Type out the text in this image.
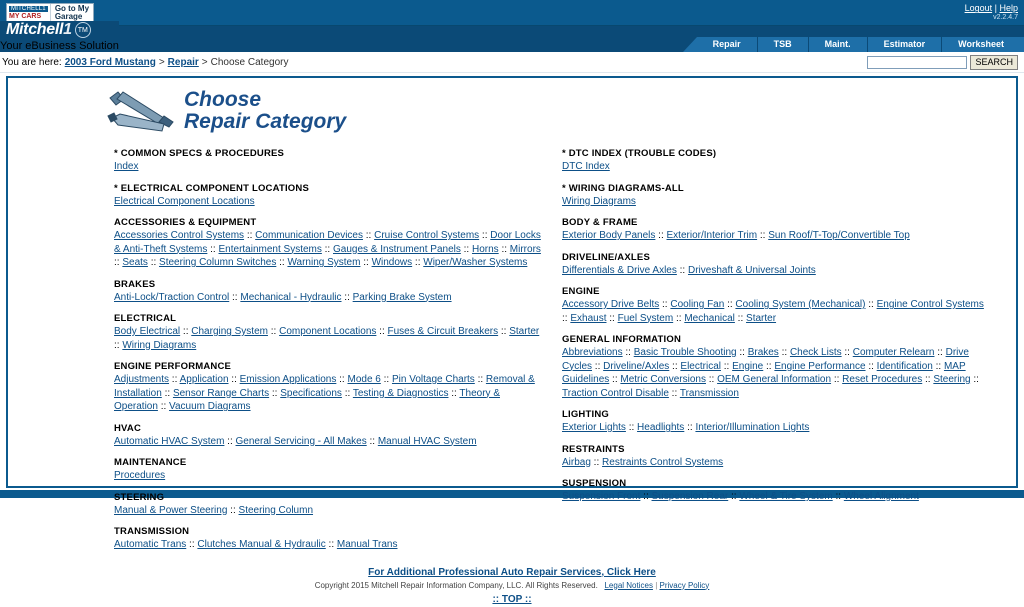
MITCHELL1
MY CARS
Go to My
Garage
Logout | Help
v2.2.4.7
Mitchell1 TM
Your eBusiness Solution	Repair	TSB	Maint.	Estimator	Worksheet
You are here: 2003 Ford Mustang > Repair > Choose Category	SEARCH
Choose
Repair Category
* COMMON SPECS & PROCEDURES
Index
* ELECTRICAL COMPONENT LOCATIONS
Electrical Component Locations
ACCESSORIES & EQUIPMENT
Accessories Control Systems :: Communication Devices :: Cruise Control Systems :: Door Locks & Anti-Theft Systems :: Entertainment Systems :: Gauges & Instrument Panels :: Horns :: Mirrors :: Seats :: Steering Column Switches :: Warning System :: Windows :: Wiper/Washer Systems
BRAKES
Anti-Lock/Traction Control :: Mechanical - Hydraulic :: Parking Brake System
ELECTRICAL
Body Electrical :: Charging System :: Component Locations :: Fuses & Circuit Breakers :: Starter :: Wiring Diagrams
ENGINE PERFORMANCE
Adjustments :: Application :: Emission Applications :: Mode 6 :: Pin Voltage Charts :: Removal & Installation :: Sensor Range Charts :: Specifications :: Testing & Diagnostics :: Theory & Operation :: Vacuum Diagrams
HVAC
Automatic HVAC System :: General Servicing - All Makes :: Manual HVAC System
MAINTENANCE
Procedures
STEERING
Manual & Power Steering :: Steering Column
TRANSMISSION
Automatic Trans :: Clutches Manual & Hydraulic :: Manual Trans
* DTC INDEX (TROUBLE CODES)
DTC Index
* WIRING DIAGRAMS-ALL
Wiring Diagrams
BODY & FRAME
Exterior Body Panels :: Exterior/Interior Trim :: Sun Roof/T-Top/Convertible Top
DRIVELINE/AXLES
Differentials & Drive Axles :: Driveshaft & Universal Joints
ENGINE
Accessory Drive Belts :: Cooling Fan :: Cooling System (Mechanical) :: Engine Control Systems :: Exhaust :: Fuel System :: Mechanical :: Starter
GENERAL INFORMATION
Abbreviations :: Basic Trouble Shooting :: Brakes :: Check Lists :: Computer Relearn :: Drive Cycles :: Driveline/Axles :: Electrical :: Engine :: Engine Performance :: Identification :: MAP Guidelines :: Metric Conversions :: OEM General Information :: Reset Procedures :: Steering :: Traction Control Disable :: Transmission
LIGHTING
Exterior Lights :: Headlights :: Interior/Illumination Lights
RESTRAINTS
Airbag :: Restraints Control Systems
SUSPENSION
Suspension Front :: Suspension Rear :: Wheel & Tire System :: Wheel Alignment
For Additional Professional Auto Repair Services, Click Here
Copyright 2015 Mitchell Repair Information Company, LLC. All Rights Reserved. Legal Notices | Privacy Policy
:: TOP ::
